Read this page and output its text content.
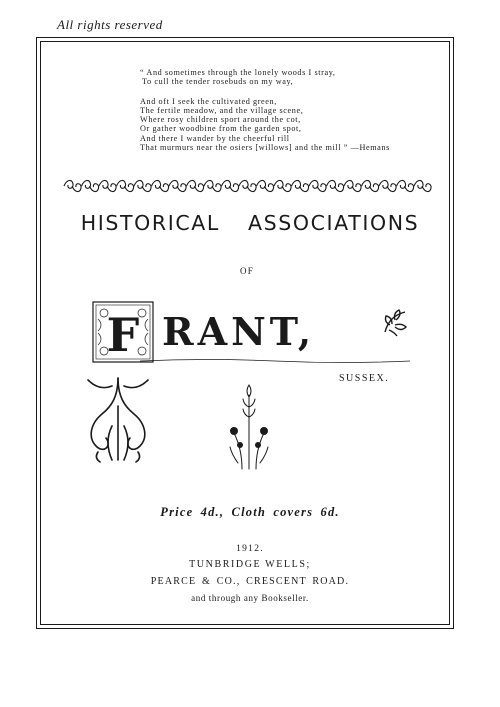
All rights reserved
“ And sometimes through the lonely woods I stray,
To cull the tender rosebuds on my way,
And oft I seek the cultivated green,
The fertile meadow, and the village scene,
Where rosy children sport around the cot,
Or gather woodbine from the garden spot,
And there I wander by the cheerful rill
That murmurs near the osiers [willows] and the mill ” —Hemans
HISTORICAL ASSOCIATIONS
OF
F RANT,
SUSSEX.
Price 4d., Cloth covers 6d.
1912.
TUNBRIDGE WELLS;
PEARCE & CO., CRESCENT ROAD.
and through any Bookseller.
